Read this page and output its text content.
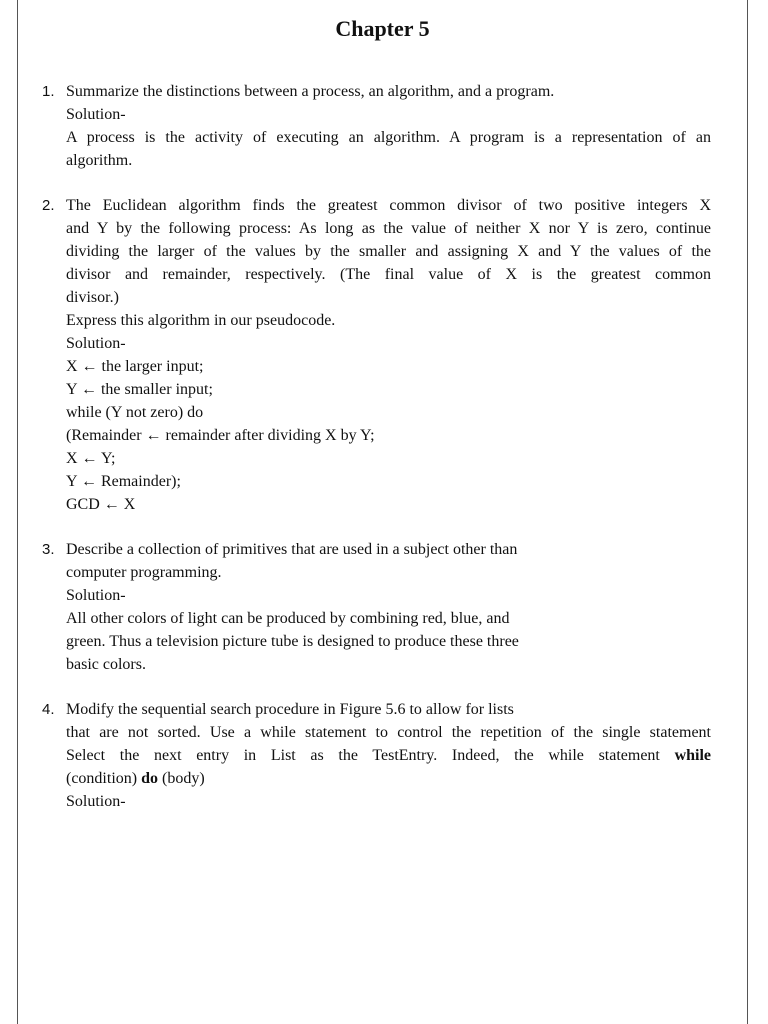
Chapter 5
1. Summarize the distinctions between a process, an algorithm, and a program.
Solution-
A process is the activity of executing an algorithm. A program is a representation of an
algorithm.
2. The Euclidean algorithm finds the greatest common divisor of two positive integers X
and Y by the following process: As long as the value of neither X nor Y is zero, continue
dividing the larger of the values by the smaller and assigning X and Y the values of the
divisor and remainder, respectively. (The final value of X is the greatest common
divisor.)
Express this algorithm in our pseudocode.
Solution-
X ← the larger input;
Y ← the smaller input;
while (Y not zero) do
(Remainder ← remainder after dividing X by Y;
X ← Y;
Y ← Remainder);
GCD ← X
3. Describe a collection of primitives that are used in a subject other than
computer programming.
Solution-
All other colors of light can be produced by combining red, blue, and
green. Thus a television picture tube is designed to produce these three
basic colors.
4. Modify the sequential search procedure in Figure 5.6 to allow for lists
that are not sorted. Use a while statement to control the repetition of the single statement
Select the next entry in List as the TestEntry. Indeed, the while statement while
(condition) do (body)
Solution-
